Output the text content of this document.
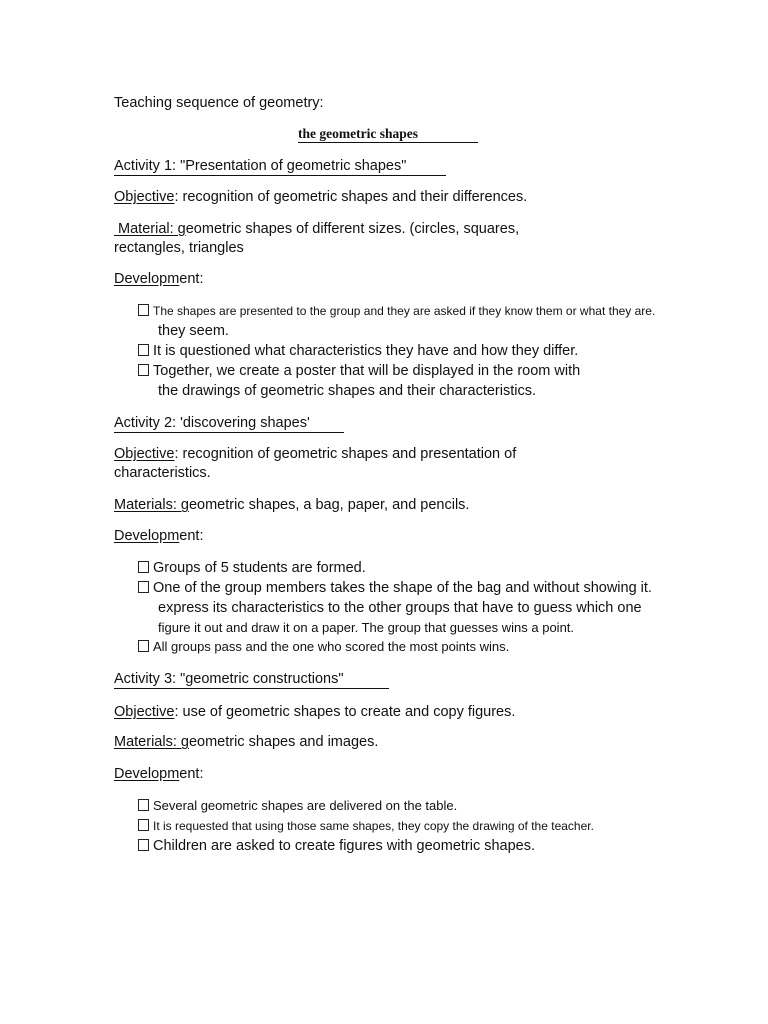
Teaching sequence of geometry:
the geometric shapes
Activity 1: "Presentation of geometric shapes"
Objective: recognition of geometric shapes and their differences.
Material: geometric shapes of different sizes. (circles, squares,
rectangles, triangles
Development:
The shapes are presented to the group and they are asked if they know them or what they are.
they seem.
It is questioned what characteristics they have and how they differ.
Together, we create a poster that will be displayed in the room with
the drawings of geometric shapes and their characteristics.
Activity 2: 'discovering shapes'
Objective: recognition of geometric shapes and presentation of
characteristics.
Materials: geometric shapes, a bag, paper, and pencils.
Development:
Groups of 5 students are formed.
One of the group members takes the shape of the bag and without showing it.
express its characteristics to the other groups that have to guess which one
figure it out and draw it on a paper. The group that guesses wins a point.
All groups pass and the one who scored the most points wins.
Activity 3: "geometric constructions"
Objective: use of geometric shapes to create and copy figures.
Materials: geometric shapes and images.
Development:
Several geometric shapes are delivered on the table.
It is requested that using those same shapes, they copy the drawing of the teacher.
Children are asked to create figures with geometric shapes.
